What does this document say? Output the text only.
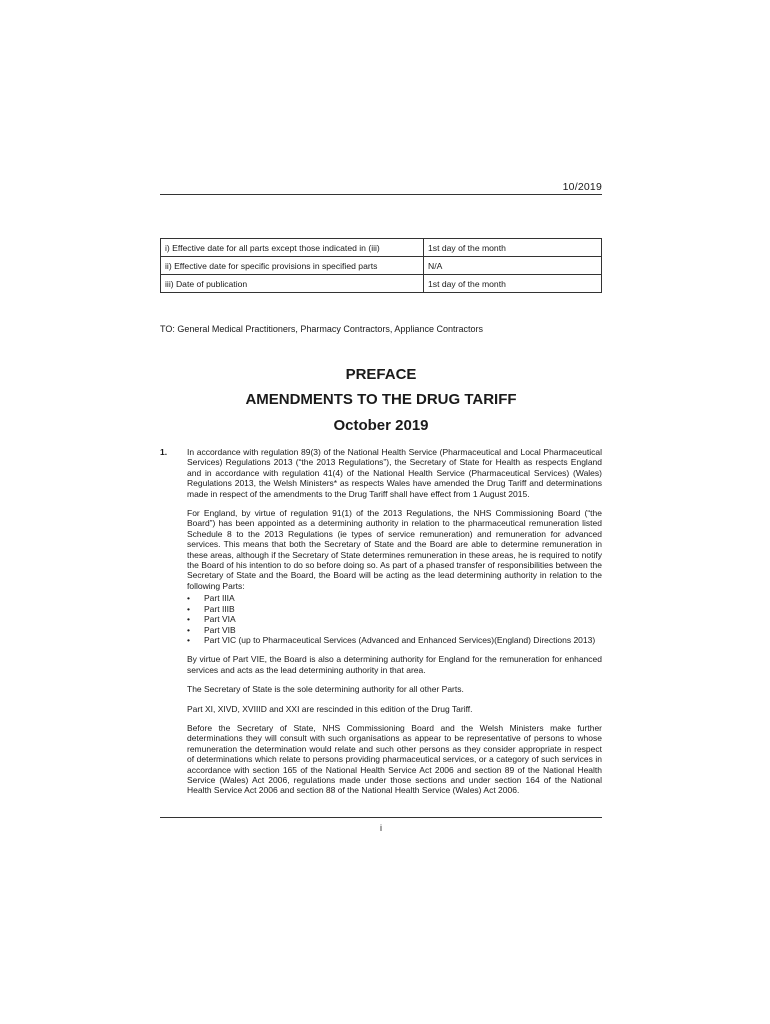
10/2019
i) Effective date for all parts except those indicated in (iii)	1st day of the month
ii) Effective date for specific provisions in specified parts	N/A
iii) Date of publication	1st day of the month
TO: General Medical Practitioners, Pharmacy Contractors, Appliance Contractors
PREFACE
AMENDMENTS TO THE DRUG TARIFF
October 2019
1. In accordance with regulation 89(3) of the National Health Service (Pharmaceutical and Local Pharmaceutical Services) Regulations 2013 (“the 2013 Regulations”), the Secretary of State for Health as respects England and in accordance with regulation 41(4) of the National Health Service (Pharmaceutical Services) (Wales) Regulations 2013, the Welsh Ministers* as respects Wales have amended the Drug Tariff and determinations made in respect of the amendments to the Drug Tariff shall have effect from 1 August 2015.

For England, by virtue of regulation 91(1) of the 2013 Regulations, the NHS Commissioning Board (“the Board”) has been appointed as a determining authority in relation to the pharmaceutical remuneration listed Schedule 8 to the 2013 Regulations (ie types of service remuneration) and remuneration for advanced services. This means that both the Secretary of State and the Board are able to determine remuneration in these areas, although if the Secretary of State determines remuneration in these areas, he is required to notify the Board of his intention to do so before doing so. As part of a phased transfer of responsibilities between the Secretary of State and the Board, the Board will be acting as the lead determining authority in relation to the following Parts:

• Part IIIA
• Part IIIB
• Part VIA
• Part VIB
• Part VIC (up to Pharmaceutical Services (Advanced and Enhanced Services)(England) Directions 2013)

By virtue of Part VIE, the Board is also a determining authority for England for the remuneration for enhanced services and acts as the lead determining authority in that area.

The Secretary of State is the sole determining authority for all other Parts.

Part XI, XIVD, XVIIID and XXI are rescinded in this edition of the Drug Tariff.

Before the Secretary of State, NHS Commissioning Board and the Welsh Ministers make further determinations they will consult with such organisations as appear to be representative of persons to whose remuneration the determination would relate and such other persons as they consider appropriate in respect of determinations which relate to persons providing pharmaceutical services, or a category of such services in accordance with section 165 of the National Health Service Act 2006 and section 89 of the National Health Service (Wales) Act 2006, regulations made under those sections and under section 164 of the National Health Service Act 2006 and section 88 of the National Health Service (Wales) Act 2006.

i
